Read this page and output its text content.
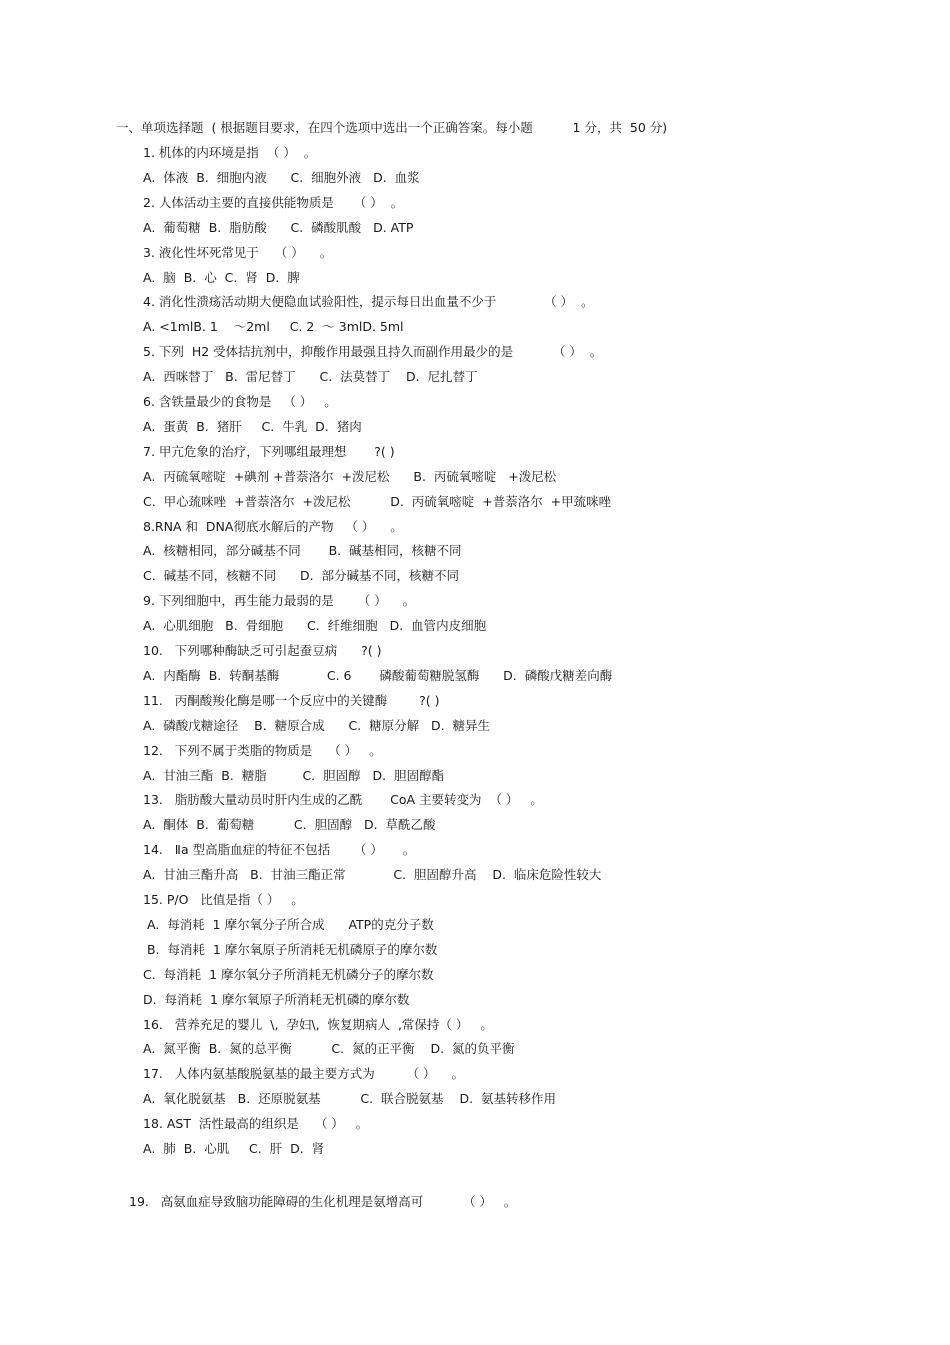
一、单项选择题  ( 根据题目要求，在四个选项中选出一个正确答案。每小题          1 分，共  50 分)
1. 机体的内环境是指  （ ）  。
A.  体液  B.  细胞内液      C.  细胞外液   D.  血浆
2. 人体活动主要的直接供能物质是     （ ）  。
A.  葡萄糖  B.  脂肪酸      C.  磷酸肌酸   D. ATP
3. 液化性坏死常见于    （ ）    。
A.  脑  B.  心  C.  肾  D.  脾
4. 消化性溃疡活动期大便隐血试验阳性，提示每日出血量不少于            （ ）  。
A. <1mlB. 1    ～2ml     C. 2  ～ 3mlD. 5ml
5. 下列  H2 受体拮抗剂中，抑酸作用最强且持久而副作用最少的是          （ ）  。
A.  西咪替丁   B.  雷尼替丁      C.  法莫替丁    D.  尼扎替丁
6. 含铁量最少的食物是   （ ）   。
A.  蛋黄  B.  猪肝     C.  牛乳  D.  猪肉
7. 甲亢危象的治疗，下列哪组最理想       ?( )
A.  丙硫氧嘧啶  +碘剂 +普萘洛尔  +泼尼松      B.  丙硫氧嘧啶   +泼尼松
C.  甲心巯咪唑  +普萘洛尔  +泼尼松          D.  丙硫氧嘧啶  +普萘洛尔  +甲巯咪唑
8.RNA 和  DNA彻底水解后的产物   （ ）    。
A.  核糖相同，部分碱基不同       B.  碱基相同，核糖不同
C.  碱基不同，核糖不同      D.  部分碱基不同，核糖不同
9. 下列细胞中，再生能力最弱的是      （ ）    。
A.  心肌细胞   B.  骨细胞      C.  纤维细胞   D.  血管内皮细胞
10.   下列哪种酶缺乏可引起蚕豆病      ?( )
A.  内酯酶  B.  转酮基酶            C. 6       磷酸葡萄糖脱氢酶      D.  磷酸戊糖差向酶
11.   丙酮酸羧化酶是哪一个反应中的关键酶        ?( )
A.  磷酸戊糖途径    B.  糖原合成      C.  糖原分解   D.  糖异生
12.   下列不属于类脂的物质是    （ ）   。
A.  甘油三酯  B.  糖脂         C.  胆固醇   D.  胆固醇酯
13.   脂肪酸大量动员时肝内生成的乙酰       CoA 主要转变为  （ ）   。
A.  酮体  B.  葡萄糖          C.  胆固醇   D.  草酰乙酸
14.   Ⅱa 型高脂血症的特征不包括      （ ）     。
A.  甘油三酯升高   B.  甘油三酯正常            C.  胆固醇升高    D.  临床危险性较大
15. P/O   比值是指（ ）   。
A.  每消耗  1 摩尔氧分子所合成      ATP的克分子数
B.  每消耗  1 摩尔氧原子所消耗无机磷原子的摩尔数
C.  每消耗  1 摩尔氧分子所消耗无机磷分子的摩尔数
D.  每消耗  1 摩尔氧原子所消耗无机磷的摩尔数
16.   营养充足的婴儿  \,  孕妇\,  恢复期病人  ,常保持（ ）   。
A.  氮平衡  B.  氮的总平衡          C.  氮的正平衡    D.  氮的负平衡
17.   人体内氨基酸脱氨基的最主要方式为        （ ）    。
A.  氧化脱氨基   B.  还原脱氨基          C.  联合脱氨基    D.  氨基转移作用
18. AST  活性最高的组织是    （ ）   。
A.  肺  B.  心肌     C.  肝  D.  肾
19.   高氨血症导致脑功能障碍的生化机理是氨增高可          （ ）   。
